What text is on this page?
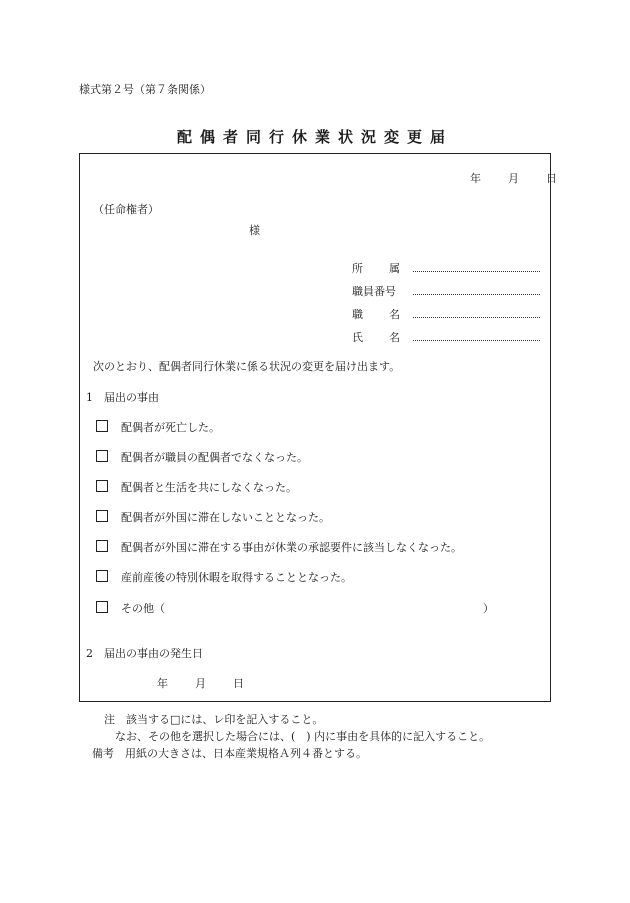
様式第２号（第７条関係）
配偶者同行休業状況変更届
年 月 日
（任命権者）
様
所　属
職員番号
職　名
氏　名
次のとおり、配偶者同行休業に係る状況の変更を届け出ます。
1　届出の事由
配偶者が死亡した。
配偶者が職員の配偶者でなくなった。
配偶者と生活を共にしなくなった。
配偶者が外国に滞在しないこととなった。
配偶者が外国に滞在する事由が休業の承認要件に該当しなくなった。
産前産後の特別休暇を取得することとなった。
その他（	）
2　届出の事由の発生日
年 月 日
注　該当する□には、レ印を記入すること。
なお、その他を選択した場合には、(　) 内に事由を具体的に記入すること。
備考　用紙の大きさは、日本産業規格Ａ列４番とする。
